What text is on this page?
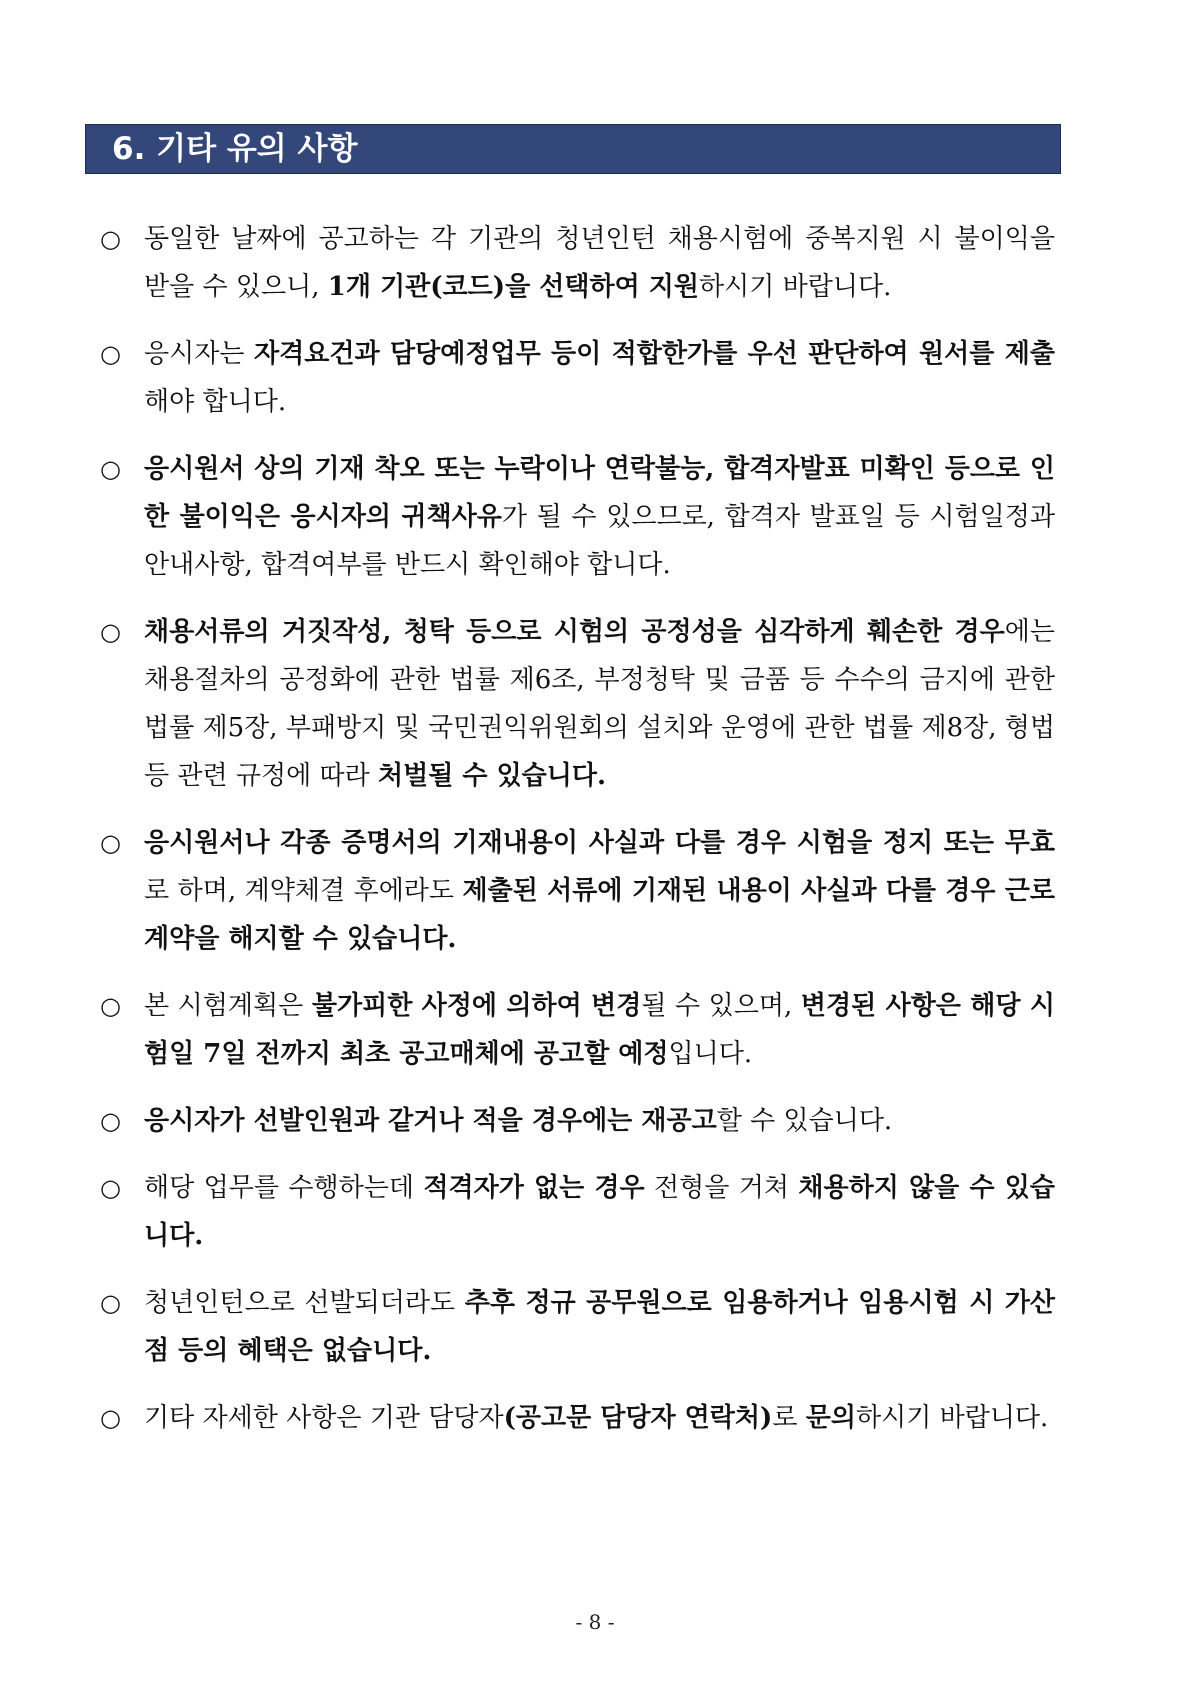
6. 기타 유의 사항
○ 동일한 날짜에 공고하는 각 기관의 청년인턴 채용시험에 중복지원 시 불이익을 받을 수 있으니, 1개 기관(코드)을 선택하여 지원하시기 바랍니다.
○ 응시자는 자격요건과 담당예정업무 등이 적합한가를 우선 판단하여 원서를 제출해야 합니다.
○ 응시원서 상의 기재 착오 또는 누락이나 연락불능, 합격자발표 미확인 등으로 인한 불이익은 응시자의 귀책사유가 될 수 있으므로, 합격자 발표일 등 시험일정과 안내사항, 합격여부를 반드시 확인해야 합니다.
○ 채용서류의 거짓작성, 청탁 등으로 시험의 공정성을 심각하게 훼손한 경우에는 채용절차의 공정화에 관한 법률 제6조, 부정청탁 및 금품 등 수수의 금지에 관한 법률 제5장, 부패방지 및 국민권익위원회의 설치와 운영에 관한 법률 제8장, 형법 등 관련 규정에 따라 처벌될 수 있습니다.
○ 응시원서나 각종 증명서의 기재내용이 사실과 다를 경우 시험을 정지 또는 무효로 하며, 계약체결 후에라도 제출된 서류에 기재된 내용이 사실과 다를 경우 근로계약을 해지할 수 있습니다.
○ 본 시험계획은 불가피한 사정에 의하여 변경될 수 있으며, 변경된 사항은 해당 시험일 7일 전까지 최초 공고매체에 공고할 예정입니다.
○ 응시자가 선발인원과 같거나 적을 경우에는 재공고할 수 있습니다.
○ 해당 업무를 수행하는데 적격자가 없는 경우 전형을 거쳐 채용하지 않을 수 있습니다.
○ 청년인턴으로 선발되더라도 추후 정규 공무원으로 임용하거나 임용시험 시 가산점 등의 혜택은 없습니다.
○ 기타 자세한 사항은 기관 담당자(공고문 담당자 연락처)로 문의하시기 바랍니다.
- 8 -
